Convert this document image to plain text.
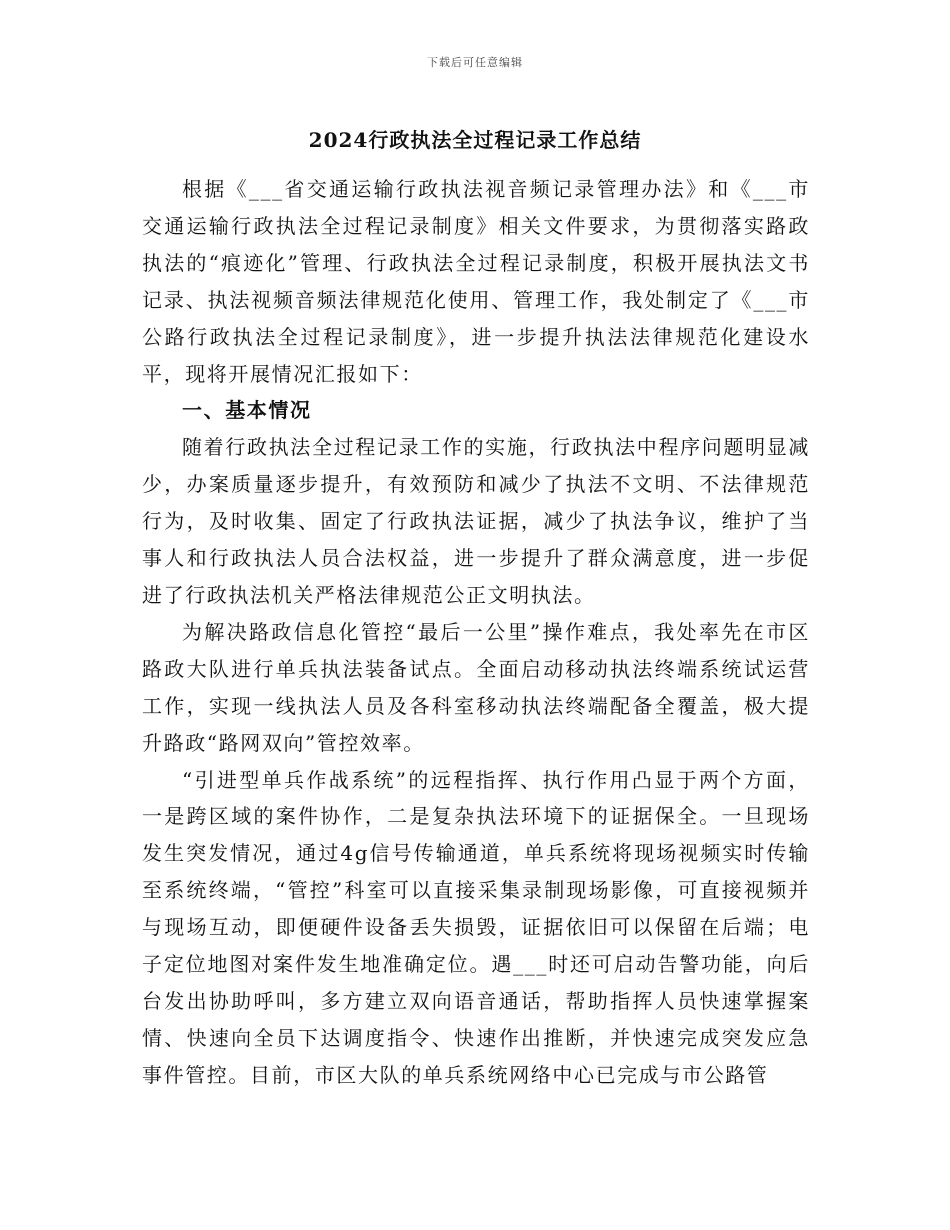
下载后可任意编辑
2024行政执法全过程记录工作总结

根据《___省交通运输行政执法视音频记录管理办法》和《___市交通运输行政执法全过程记录制度》相关文件要求，为贯彻落实路政执法的“痕迹化”管理、行政执法全过程记录制度，积极开展执法文书记录、执法视频音频法律规范化使用、管理工作，我处制定了《___市公路行政执法全过程记录制度》，进一步提升执法法律规范化建设水平，现将开展情况汇报如下：

一、基本情况

随着行政执法全过程记录工作的实施，行政执法中程序问题明显减少，办案质量逐步提升，有效预防和减少了执法不文明、不法律规范行为，及时收集、固定了行政执法证据，减少了执法争议，维护了当事人和行政执法人员合法权益，进一步提升了群众满意度，进一步促进了行政执法机关严格法律规范公正文明执法。

为解决路政信息化管控“最后一公里”操作难点，我处率先在市区路政大队进行单兵执法装备试点。全面启动移动执法终端系统试运营工作，实现一线执法人员及各科室移动执法终端配备全覆盖，极大提升路政“路网双向”管控效率。

“引进型单兵作战系统”的远程指挥、执行作用凸显于两个方面，一是跨区域的案件协作，二是复杂执法环境下的证据保全。一旦现场发生突发情况，通过4g信号传输通道，单兵系统将现场视频实时传输至系统终端，“管控”科室可以直接采集录制现场影像，可直接视频并与现场互动，即便硬件设备丢失损毁，证据依旧可以保留在后端；电子定位地图对案件发生地准确定位。遇___时还可启动告警功能，向后台发出协助呼叫，多方建立双向语音通话，帮助指挥人员快速掌握案情、快速向全员下达调度指令、快速作出推断，并快速完成突发应急事件管控。目前，市区大队的单兵系统网络中心已完成与市公路管
